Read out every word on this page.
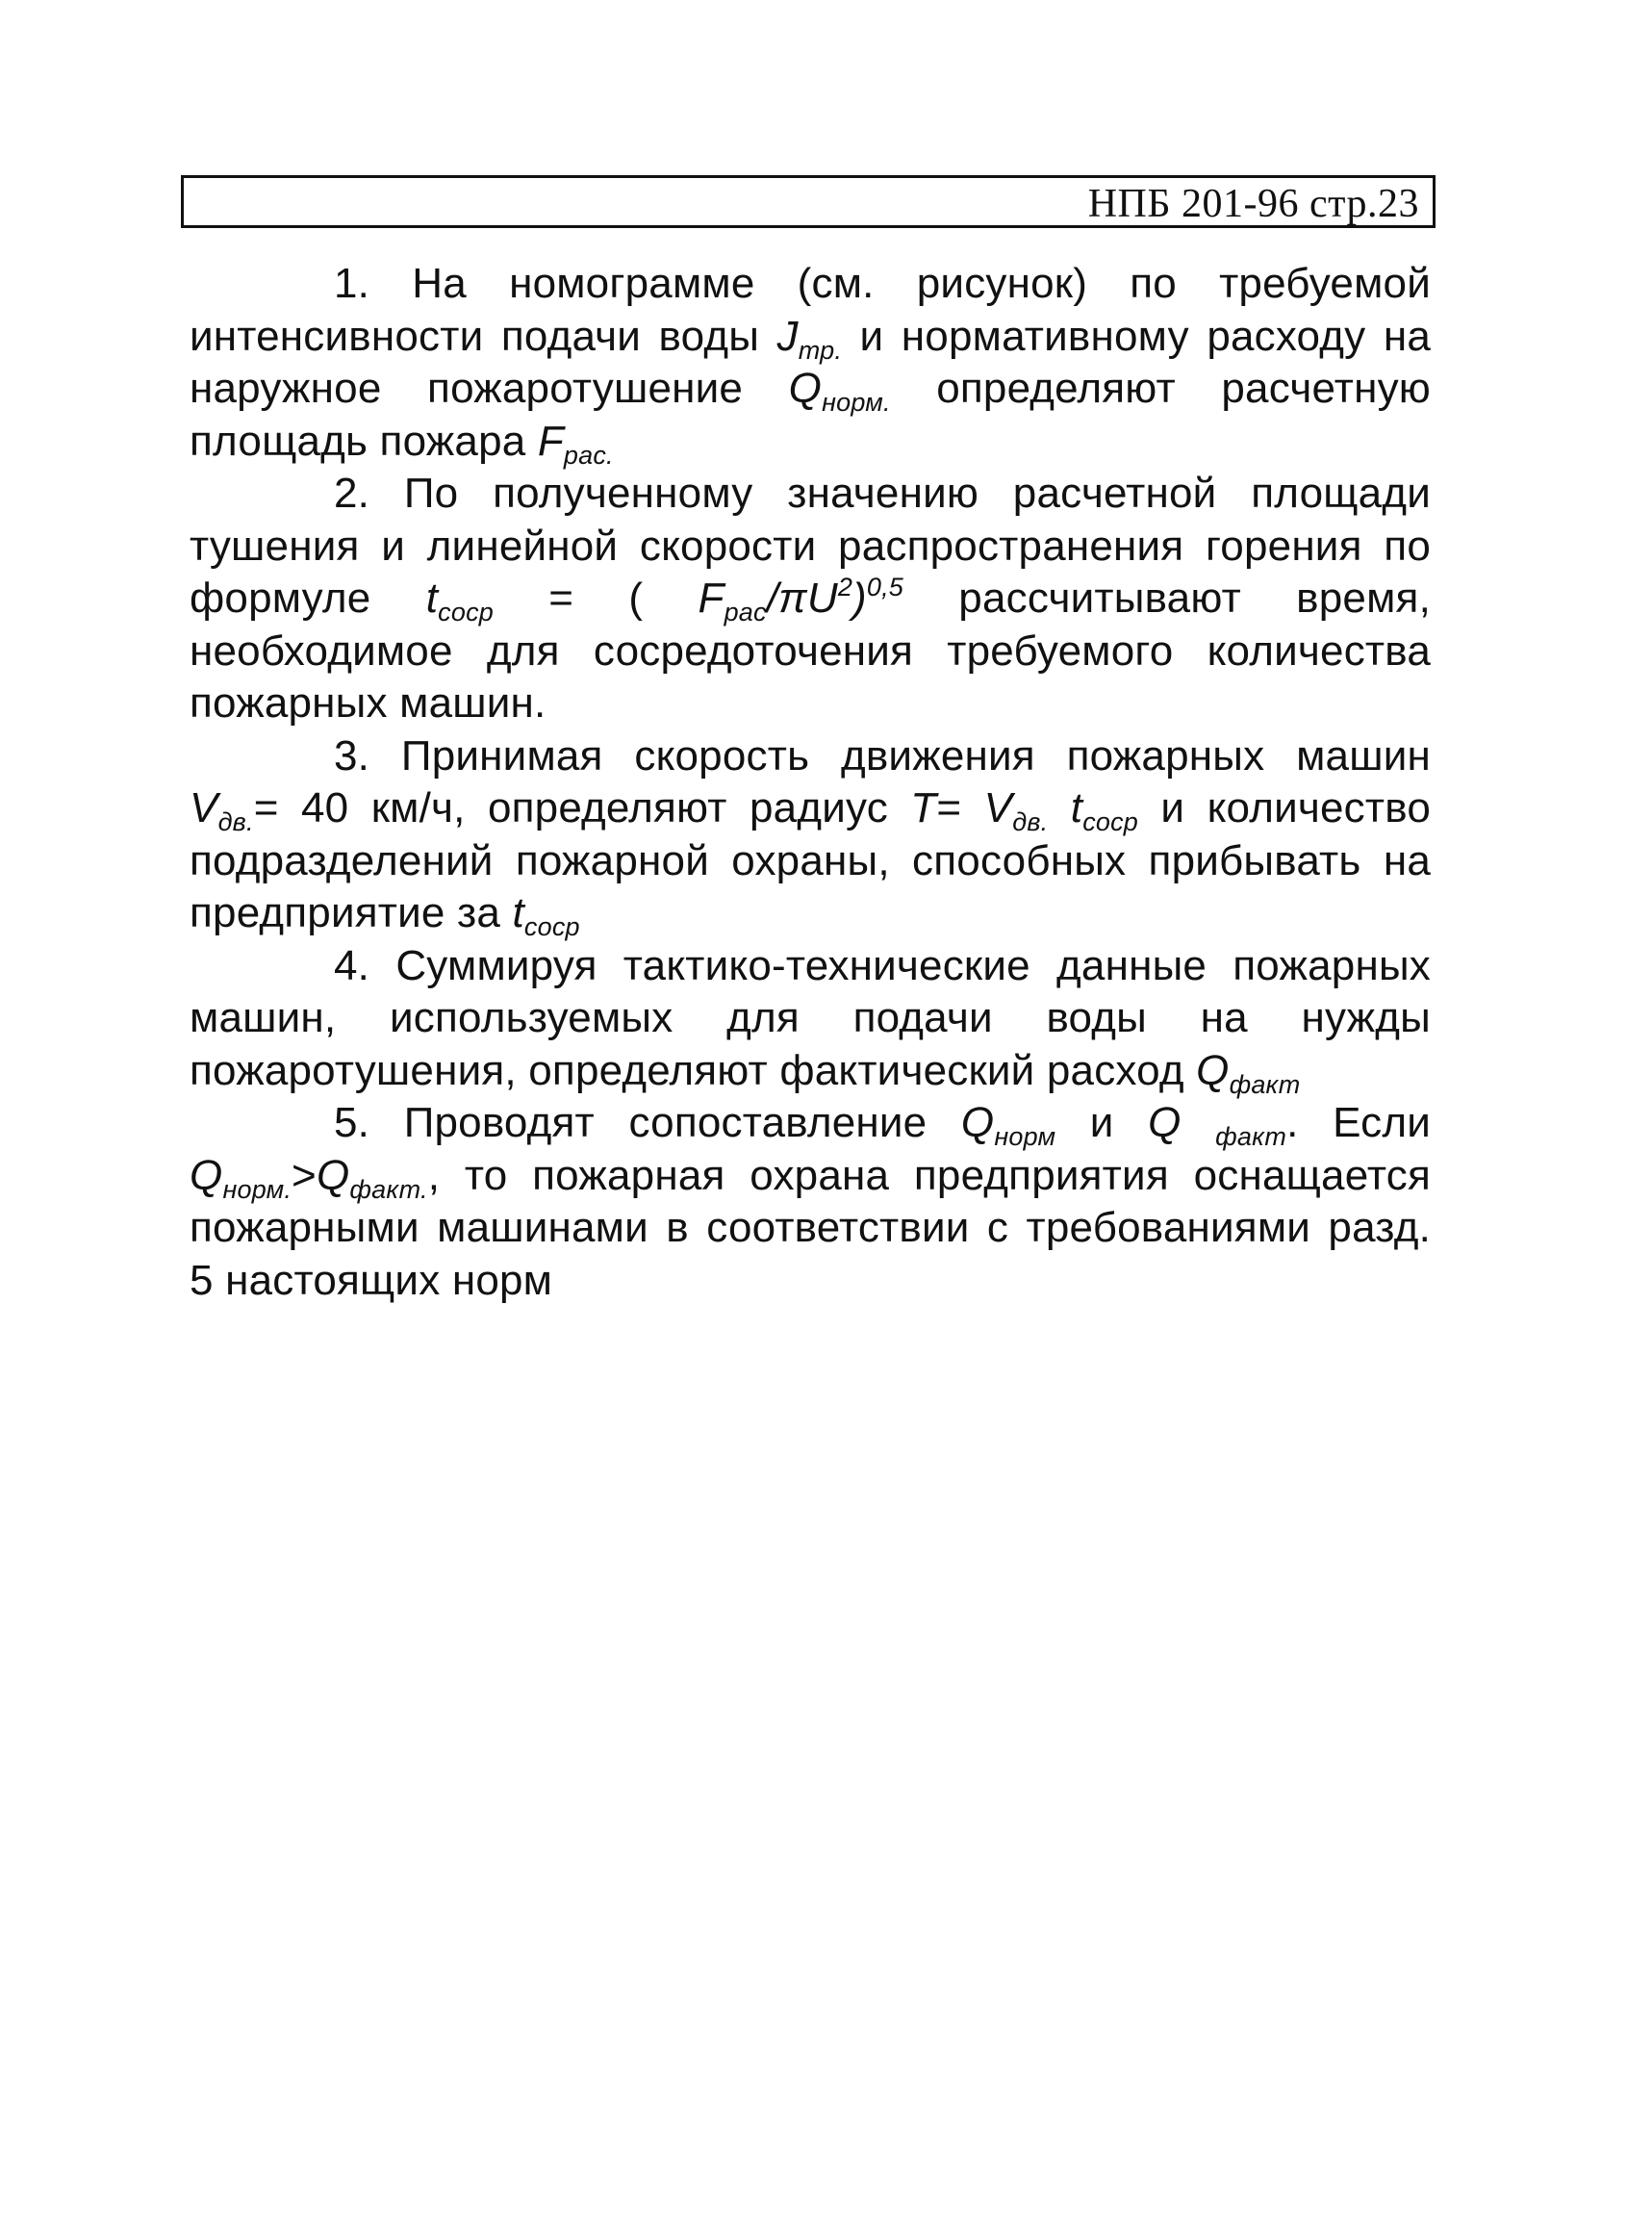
НПБ 201-96 стр.23

1. На номограмме (см. рисунок) по требуемой интенсивности подачи воды $J_{тр.}$ и нормативному расходу на наружное пожаротушение $Q_{норм.}$ определяют расчетную площадь пожара $F_{рас.}$

2. По полученному значению расчетной площади тушения и линейной скорости распространения горения по формуле $t_{соср}$ = ( $F_{рас}/\pi U^2)^{0,5}$ рассчитывают время, необходимое для сосредоточения требуемого количества пожарных машин.

3. Принимая скорость движения пожарных машин $V_{дв.}= 40$ км/ч, определяют радиус $T= V_{дв.}$ $t_{соср}$ и количество подразделений пожарной охраны, способных прибывать на предприятие за $t_{соср}$

4. Суммируя тактико-технические данные пожарных машин, используемых для подачи воды на нужды пожаротушения, определяют фактический расход $Q_{факт}$

5. Проводят сопоставление $Q_{норм}$ и Q $_{факт}$. Если $Q_{норм.}>Q_{факт.}$, то пожарная охрана предприятия оснащается пожарными машинами в соответствии с требованиями разд. 5 настоящих норм
